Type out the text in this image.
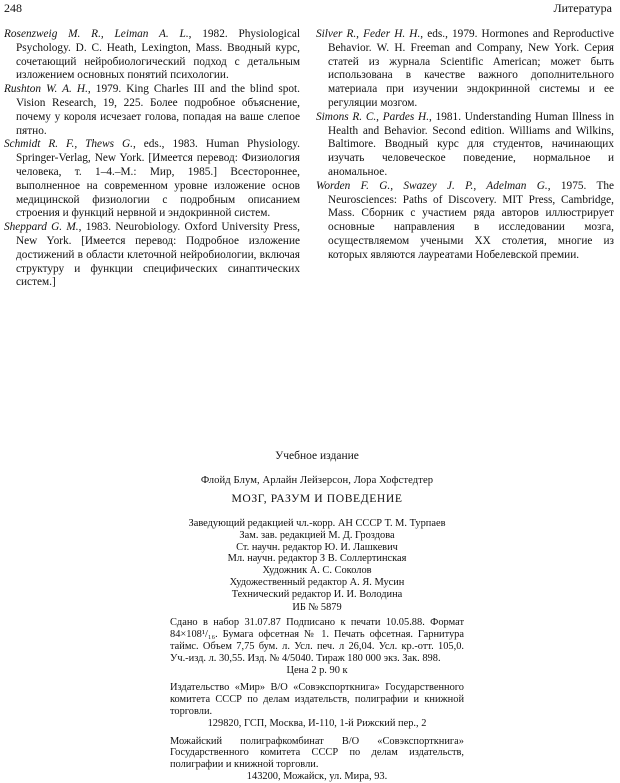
248	Литература

Rosenzweig M. R., Leiman A. L., 1982. Physiological Psychology. D. C. Heath, Lexington, Mass. Вводный курс, сочетающий нейробиологический подход с детальным изложением основных понятий психологии.

Rushton W. A. H., 1979. King Charles III and the blind spot. Vision Research, 19, 225. Более подробное объяснение, почему у короля исчезает голова, попадая на ваше слепое пятно.

Schmidt R. F., Thews G., eds., 1983. Human Physiology. Springer-Verlag, New York. [Имеется перевод: Физиология человека, т. 1–4.–М.: Мир, 1985.] Всестороннее, выполненное на современном уровне изложение основ медицинской физиологии с подробным описанием строения и функций нервной и эндокринной систем.

Sheppard G. M., 1983. Neurobiology. Oxford University Press, New York. [Имеется перевод: Подробное изложение достижений в области клеточной нейробиологии, включая структуру и функции специфических синаптических систем.]

Silver R., Feder H. H., eds., 1979. Hormones and Reproductive Behavior. W. H. Freeman and Company, New York. Серия статей из журнала Scientific American; может быть использована в качестве важного дополнительного материала при изучении эндокринной системы и ее регуляции мозгом.

Simons R. C., Pardes H., 1981. Understanding Human Illness in Health and Behavior. Second edition. Williams and Wilkins, Baltimore. Вводный курс для студентов, начинающих изучать человеческое поведение, нормальное и аномальное.

Worden F. G., Swazey J. P., Adelman G., 1975. The Neurosciences: Paths of Discovery. MIT Press, Cambridge, Mass. Сборник с участием ряда авторов иллюстрирует основные направления в исследовании мозга, осуществляемом учеными XX столетия, многие из которых являются лауреатами Нобелевской премии.

Учебное издание

Флойд Блум, Арлайн Лейзерсон, Лора Хофстедтер

МОЗГ, РАЗУМ И ПОВЕДЕНИЕ

Заведующий редакцией чл.-корр. АН СССР Т. М. Турпаев

Зам. зав. редакцией М. Д. Гроздова

Ст. научн. редактор Ю. И. Лашкевич

Мл. научн. редактор З В. Соллертинская

Художник А. С. Соколов

Художественный редактор А. Я. Мусин

Технический редактор И. И. Володина

ИБ № 5879

Сдано в набор 31.07.87 Подписано к печати 10.05.88. Формат 84×108¹/₁₆. Бумага офсетная № 1. Печать офсетная. Гарнитура таймс. Объем 7,75 бум. л. Усл. печ. л 26,04. Усл. кр.-отт. 105,0. Уч.-изд. л. 30,55. Изд. № 4/5040. Тираж 180 000 экз. Зак. 898.

Цена 2 р. 90 к

Издательство «Мир» В/О «Совэкспорткнига» Государственного комитета СССР по делам издательств, полиграфии и книжной торговли.

129820, ГСП, Москва, И-110, 1-й Рижский пер., 2

Можайский полиграфкомбинат В/О «Совэкспорткнига» Государственного комитета СССР по делам издательств, полиграфии и книжной торговли.

143200, Можайск, ул. Мира, 93.
